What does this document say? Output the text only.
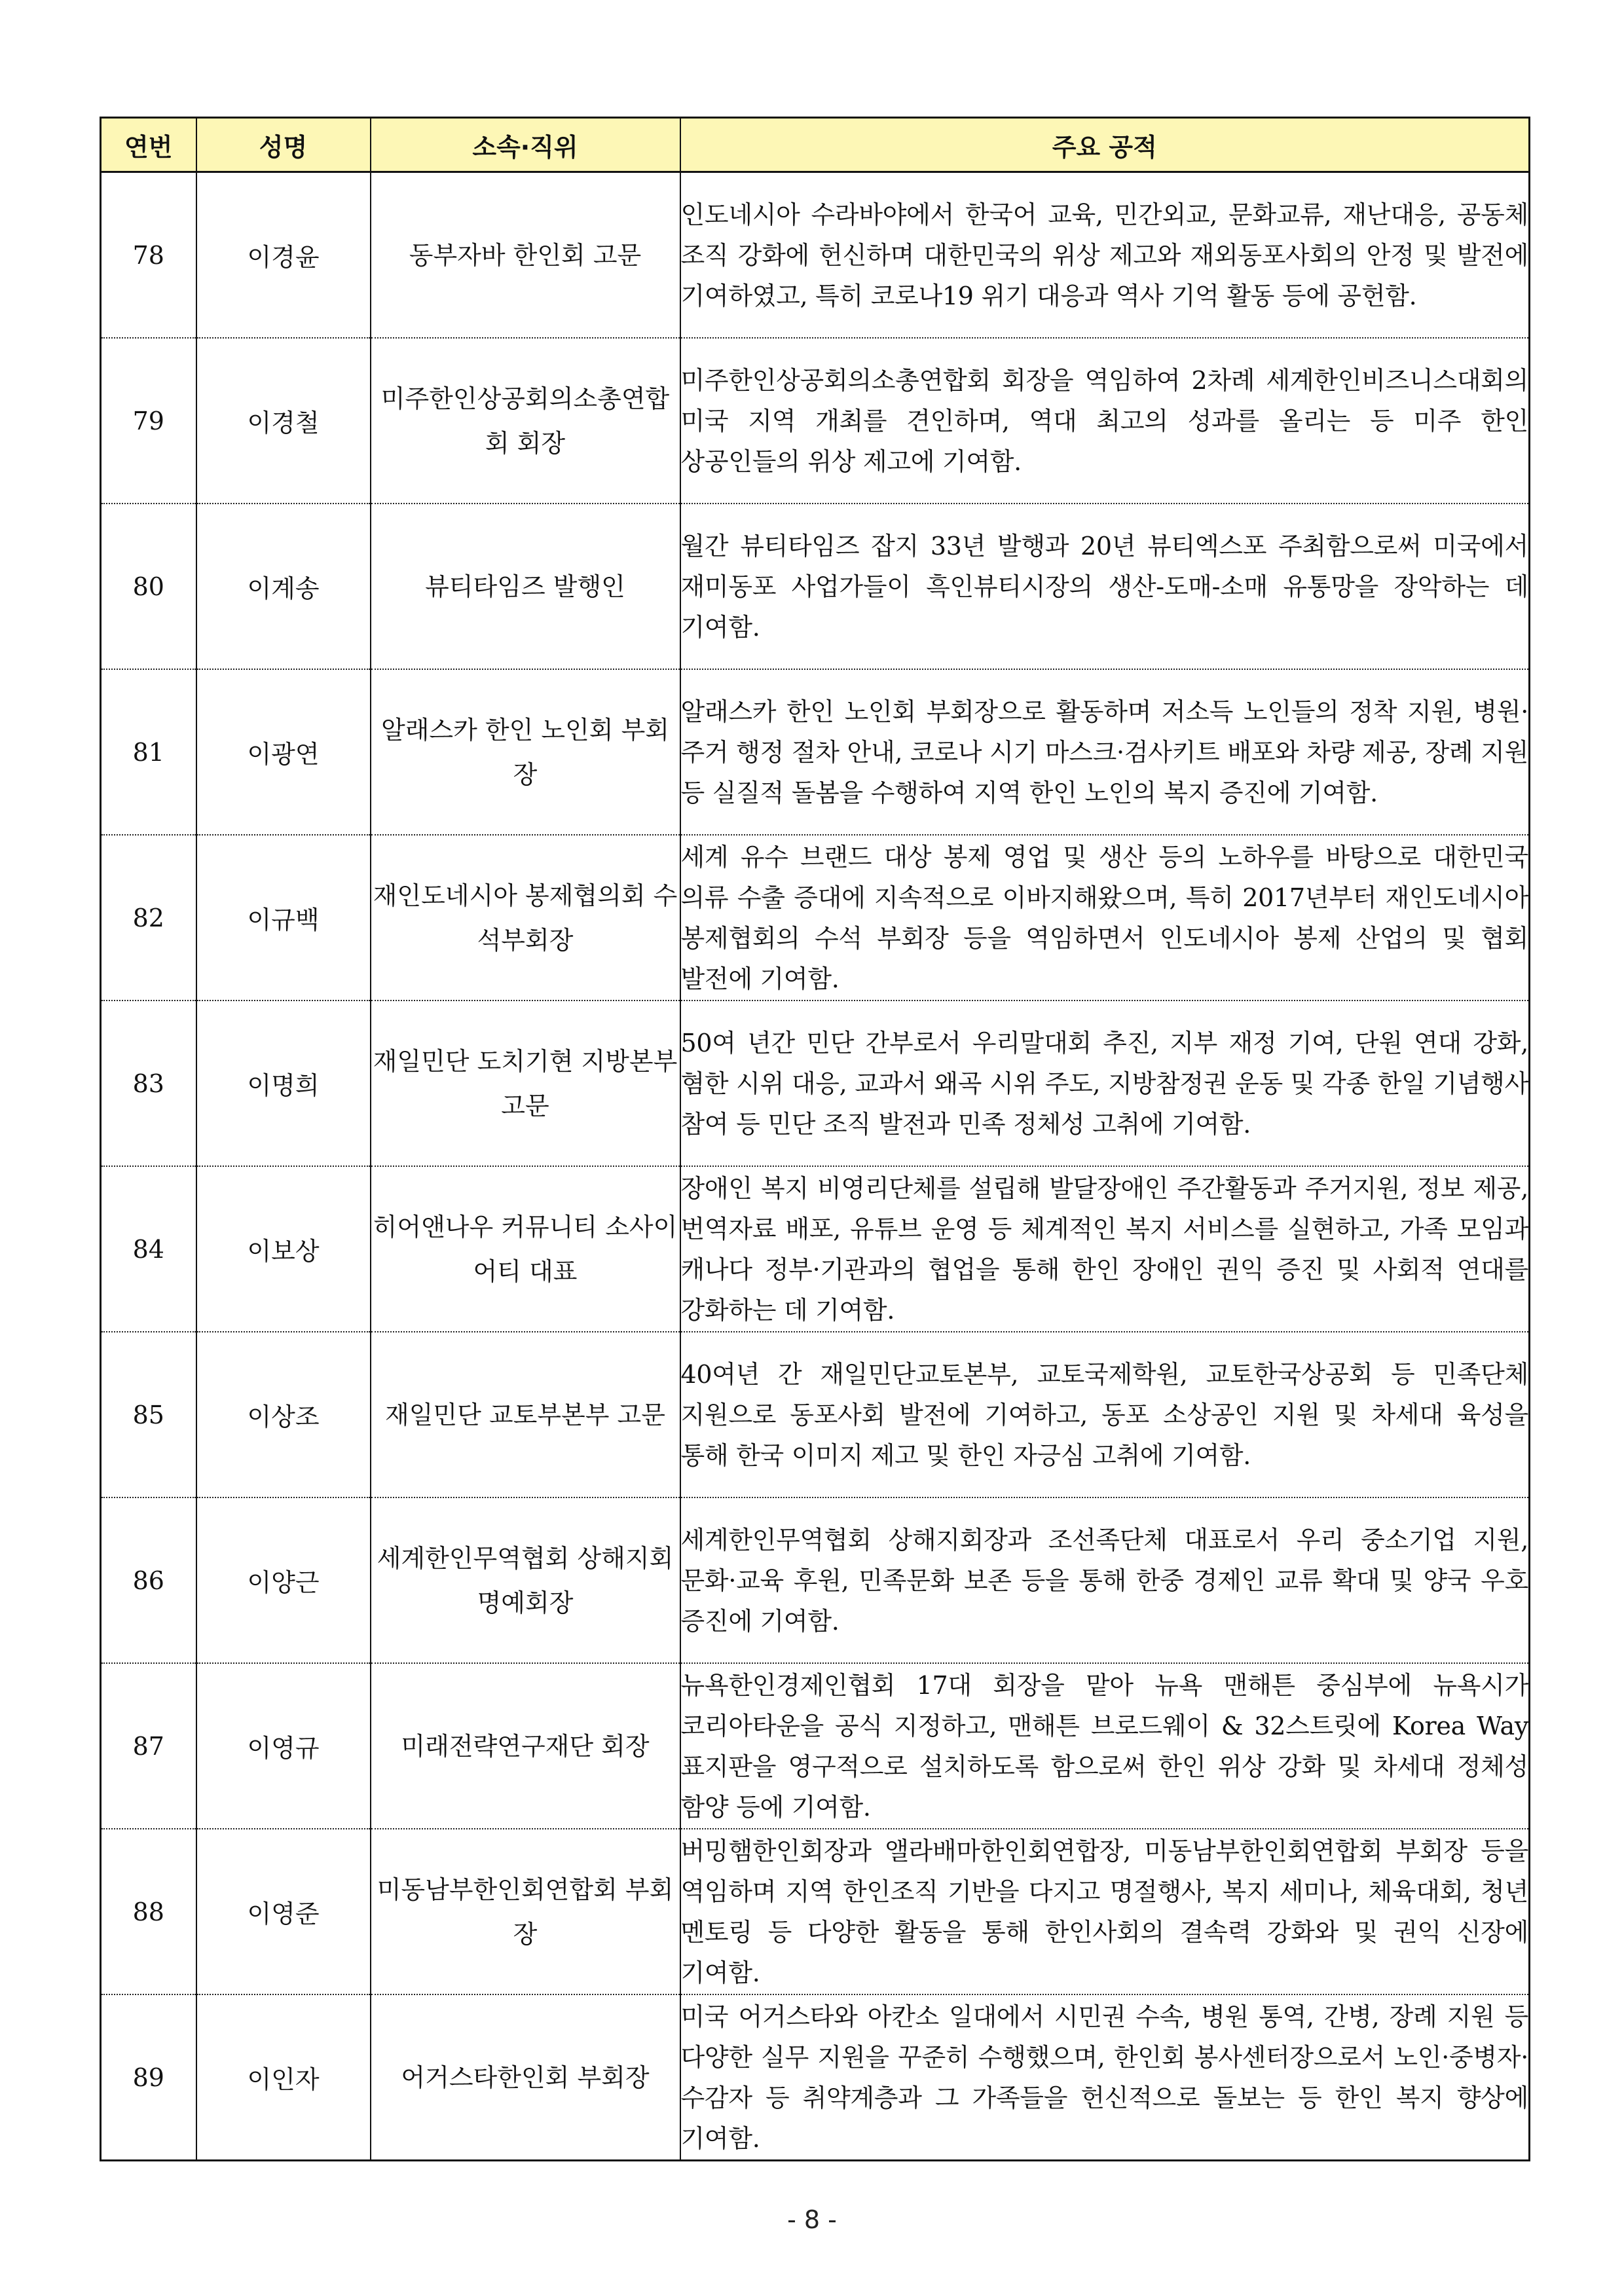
연번	성명	소속·직위	주요 공적
78	이경윤	동부자바 한인회 고문	인도네시아 수라바야에서 한국어 교육, 민간외교, 문화교류, 재난대응, 공동체 조직 강화에 헌신하며 대한민국의 위상 제고와 재외동포사회의 안정 및 발전에 기여하였고, 특히 코로나19 위기 대응과 역사 기억 활동 등에 공헌함.
79	이경철	미주한인상공회의소총연합회 회장	미주한인상공회의소총연합회 회장을 역임하여 2차례 세계한인비즈니스대회의 미국 지역 개최를 견인하며, 역대 최고의 성과를 올리는 등 미주 한인 상공인들의 위상 제고에 기여함.
80	이계송	뷰티타임즈 발행인	월간 뷰티타임즈 잡지 33년 발행과 20년 뷰티엑스포 주최함으로써 미국에서 재미동포 사업가들이 흑인뷰티시장의 생산-도매-소매 유통망을 장악하는 데 기여함.
81	이광연	알래스카 한인 노인회 부회장	알래스카 한인 노인회 부회장으로 활동하며 저소득 노인들의 정착 지원, 병원·주거 행정 절차 안내, 코로나 시기 마스크·검사키트 배포와 차량 제공, 장례 지원 등 실질적 돌봄을 수행하여 지역 한인 노인의 복지 증진에 기여함.
82	이규백	재인도네시아 봉제협의회 수석부회장	세계 유수 브랜드 대상 봉제 영업 및 생산 등의 노하우를 바탕으로 대한민국 의류 수출 증대에 지속적으로 이바지해왔으며, 특히 2017년부터 재인도네시아 봉제협회의 수석 부회장 등을 역임하면서 인도네시아 봉제 산업의 및 협회 발전에 기여함.
83	이명희	재일민단 도치기현 지방본부 고문	50여 년간 민단 간부로서 우리말대회 추진, 지부 재정 기여, 단원 연대 강화, 혐한 시위 대응, 교과서 왜곡 시위 주도, 지방참정권 운동 및 각종 한일 기념행사 참여 등 민단 조직 발전과 민족 정체성 고취에 기여함.
84	이보상	히어앤나우 커뮤니티 소사이어티 대표	장애인 복지 비영리단체를 설립해 발달장애인 주간활동과 주거지원, 정보 제공, 번역자료 배포, 유튜브 운영 등 체계적인 복지 서비스를 실현하고, 가족 모임과 캐나다 정부·기관과의 협업을 통해 한인 장애인 권익 증진 및 사회적 연대를 강화하는 데 기여함.
85	이상조	재일민단 교토부본부 고문	40여년 간 재일민단교토본부, 교토국제학원, 교토한국상공회 등 민족단체 지원으로 동포사회 발전에 기여하고, 동포 소상공인 지원 및 차세대 육성을 통해 한국 이미지 제고 및 한인 자긍심 고취에 기여함.
86	이양근	세계한인무역협회 상해지회 명예회장	세계한인무역협회 상해지회장과 조선족단체 대표로서 우리 중소기업 지원, 문화·교육 후원, 민족문화 보존 등을 통해 한중 경제인 교류 확대 및 양국 우호 증진에 기여함.
87	이영규	미래전략연구재단 회장	뉴욕한인경제인협회 17대 회장을 맡아 뉴욕 맨해튼 중심부에 뉴욕시가 코리아타운을 공식 지정하고, 맨해튼 브로드웨이 & 32스트릿에 Korea Way 표지판을 영구적으로 설치하도록 함으로써 한인 위상 강화 및 차세대 정체성 함양 등에 기여함.
88	이영준	미동남부한인회연합회 부회장	버밍햄한인회장과 앨라배마한인회연합장, 미동남부한인회연합회 부회장 등을 역임하며 지역 한인조직 기반을 다지고 명절행사, 복지 세미나, 체육대회, 청년 멘토링 등 다양한 활동을 통해 한인사회의 결속력 강화와 및 권익 신장에 기여함.
89	이인자	어거스타한인회 부회장	미국 어거스타와 아칸소 일대에서 시민권 수속, 병원 통역, 간병, 장례 지원 등 다양한 실무 지원을 꾸준히 수행했으며, 한인회 봉사센터장으로서 노인·중병자·수감자 등 취약계층과 그 가족들을 헌신적으로 돌보는 등 한인 복지 향상에 기여함.
- 8 -
